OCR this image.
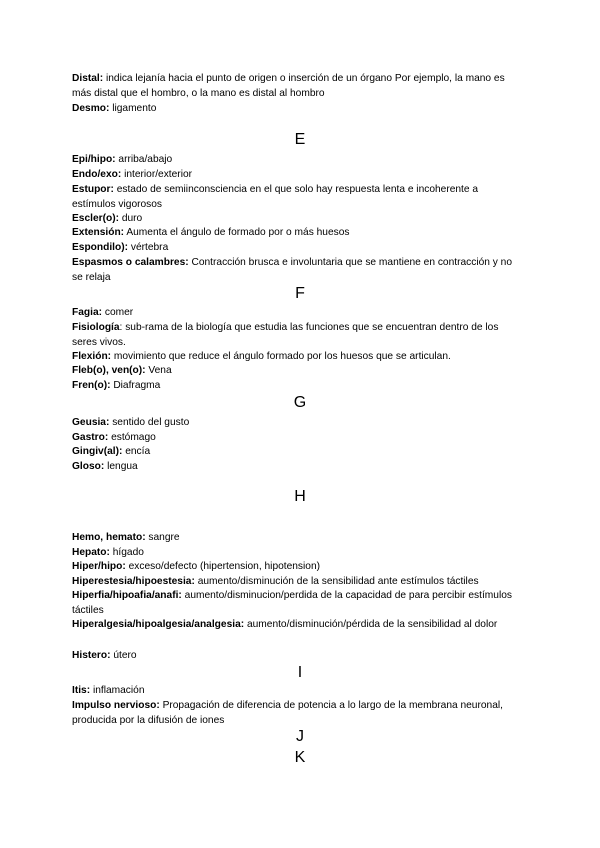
Distal: indica lejanía hacia el punto de origen o inserción de un órgano Por ejemplo, la mano es más distal que el hombro, o la mano es distal al hombro

Desmo: ligamento

E

Epi/hipo: arriba/abajo

Endo/exo: interior/exterior

Estupor: estado de semiinconsciencia en el que solo hay respuesta lenta e incoherente a estímulos vigorosos

Escler(o): duro

Extensión: Aumenta el ángulo de formado por o más huesos

Espondilo): vértebra

Espasmos o calambres: Contracción brusca e involuntaria que se mantiene en contracción y no se relaja

F

Fagia: comer

Fisiología: sub-rama de la biología que estudia las funciones que se encuentran dentro de los seres vivos.

Flexión: movimiento que reduce el ángulo formado por los huesos que se articulan.

Fleb(o), ven(o): Vena

Fren(o): Diafragma

G

Geusia: sentido del gusto

Gastro: estómago

Gingiv(al): encía

Gloso: lengua

H

Hemo, hemato: sangre

Hepato: hígado

Hiper/hipo: exceso/defecto (hipertension, hipotension)

Hiperestesia/hipoestesia: aumento/disminución de la sensibilidad ante estímulos táctiles

Hiperfia/hipoafia/anafi: aumento/disminucion/perdida de la capacidad de para percibir estímulos táctiles

Hiperalgesia/hipoalgesia/analgesia: aumento/disminución/pérdida de la sensibilidad al dolor

Histero: útero

I

Itis: inflamación

Impulso nervioso: Propagación de diferencia de potencia a lo largo de la membrana neuronal, producida por la difusión de iones

J

K
